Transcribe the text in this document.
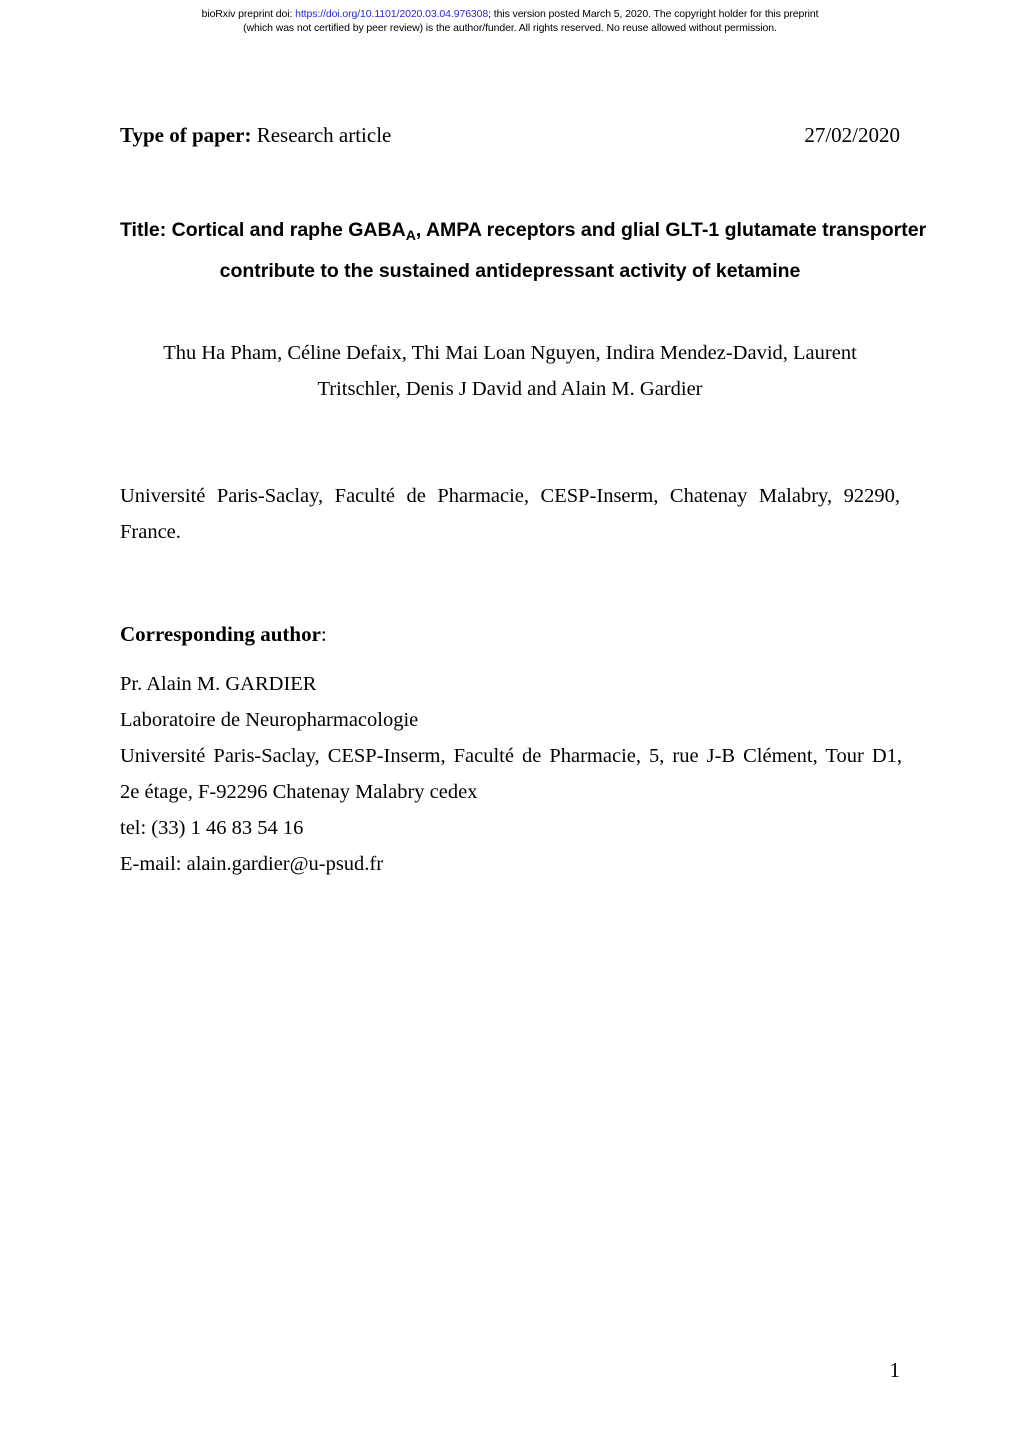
bioRxiv preprint doi: https://doi.org/10.1101/2020.03.04.976308; this version posted March 5, 2020. The copyright holder for this preprint
(which was not certified by peer review) is the author/funder. All rights reserved. No reuse allowed without permission.
Type of paper: Research article	27/02/2020
Title: Cortical and raphe $GABA_A$, AMPA receptors and glial GLT-1 glutamate transporter
contribute to the sustained antidepressant activity of ketamine
Thu Ha Pham, Céline Defaix, Thi Mai Loan Nguyen, Indira Mendez-David, Laurent
Tritschler, Denis J David and Alain M. Gardier

Université Paris-Saclay, Faculté de Pharmacie, CESP-Inserm, Chatenay Malabry, 92290,

France.

Corresponding author:
Pr. Alain M. GARDIER
Laboratoire de Neuropharmacologie
Université Paris-Saclay, CESP-Inserm, Faculté de Pharmacie, 5, rue J-B Clément, Tour D1,
2e étage, F-92296 Chatenay Malabry cedex
tel: (33) 1 46 83 54 16
E-mail: alain.gardier@u-psud.fr
1
